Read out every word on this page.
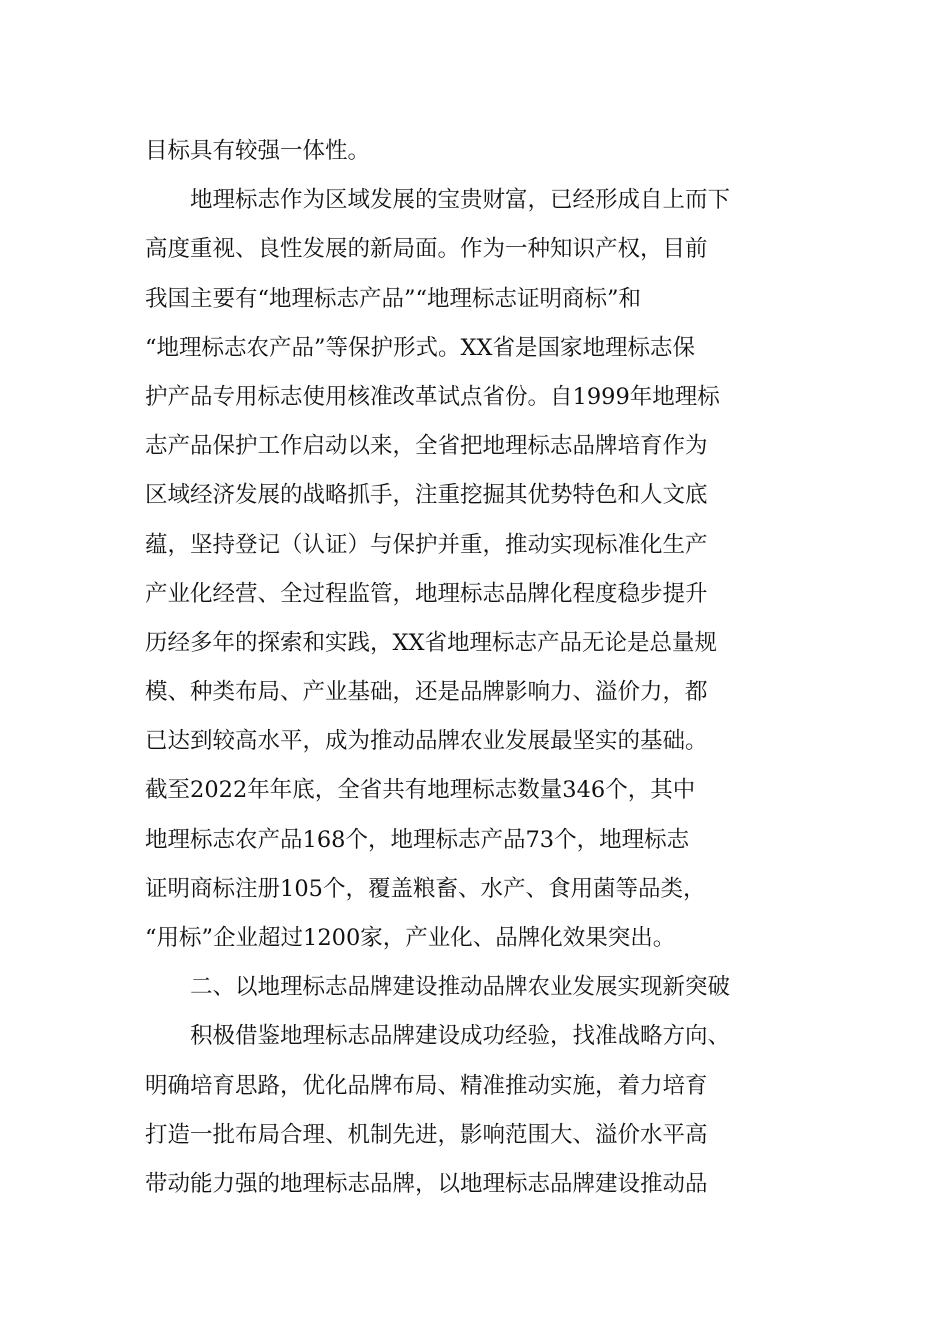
目标具有较强一体性。
地理标志作为区域发展的宝贵财富，已经形成自上而下
高度重视、良性发展的新局面。作为一种知识产权，目前
我国主要有“地理标志产品”“地理标志证明商标”和
“地理标志农产品”等保护形式。XX省是国家地理标志保
护产品专用标志使用核准改革试点省份。自1999年地理标
志产品保护工作启动以来，全省把地理标志品牌培育作为
区域经济发展的战略抓手，注重挖掘其优势特色和人文底
蕴，坚持登记（认证）与保护并重，推动实现标准化生产
产业化经营、全过程监管，地理标志品牌化程度稳步提升
历经多年的探索和实践，XX省地理标志产品无论是总量规
模、种类布局、产业基础，还是品牌影响力、溢价力，都
已达到较高水平，成为推动品牌农业发展最坚实的基础。
截至2022年年底，全省共有地理标志数量346个，其中
地理标志农产品168个，地理标志产品73个，地理标志
证明商标注册105个，覆盖粮畜、水产、食用菌等品类，
“用标”企业超过1200家，产业化、品牌化效果突出。
二、以地理标志品牌建设推动品牌农业发展实现新突破
积极借鉴地理标志品牌建设成功经验，找准战略方向、
明确培育思路，优化品牌布局、精准推动实施，着力培育
打造一批布局合理、机制先进，影响范围大、溢价水平高
带动能力强的地理标志品牌，以地理标志品牌建设推动品
